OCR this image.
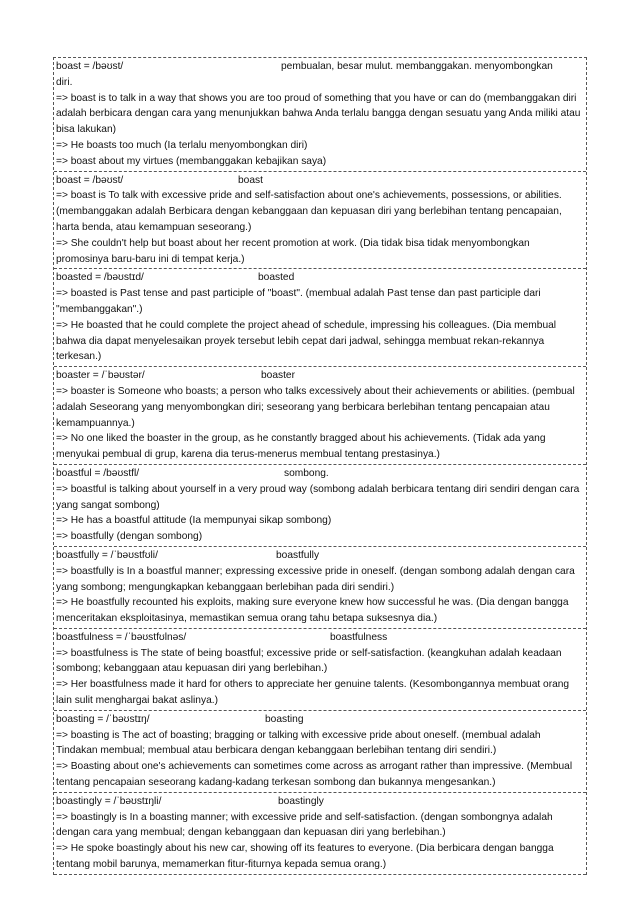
boast = /bəʊst/	pembualan, besar mulut. membanggakan. menyombongkan
diri.
=> boast is to talk in a way that shows you are too proud of something that you have or can do (membanggakan diri adalah berbicara dengan cara yang menunjukkan bahwa Anda terlalu bangga dengan sesuatu yang Anda miliki atau bisa lakukan)
=> He boasts too much (Ia terlalu menyombongkan diri)
=> boast about my virtues (membanggakan kebajikan saya)
boast = /bəʊst/	boast
=> boast is To talk with excessive pride and self-satisfaction about one's achievements, possessions, or abilities. (membanggakan adalah Berbicara dengan kebanggaan dan kepuasan diri yang berlebihan tentang pencapaian, harta benda, atau kemampuan seseorang.)
=> She couldn't help but boast about her recent promotion at work. (Dia tidak bisa tidak menyombongkan promosinya baru-baru ini di tempat kerja.)
boasted = /bəʊstɪd/	boasted
=> boasted is Past tense and past participle of "boast". (membual adalah Past tense dan past participle dari "membanggakan".)
=> He boasted that he could complete the project ahead of schedule, impressing his colleagues. (Dia membual bahwa dia dapat menyelesaikan proyek tersebut lebih cepat dari jadwal, sehingga membuat rekan-rekannya terkesan.)
boaster = /ˈbəʊstər/	boaster
=> boaster is Someone who boasts; a person who talks excessively about their achievements or abilities. (pembual adalah Seseorang yang menyombongkan diri; seseorang yang berbicara berlebihan tentang pencapaian atau kemampuannya.)
=> No one liked the boaster in the group, as he constantly bragged about his achievements. (Tidak ada yang menyukai pembual di grup, karena dia terus-menerus membual tentang prestasinya.)
boastful = /bəʊstfl/	sombong.
=> boastful is talking about yourself in a very proud way (sombong adalah berbicara tentang diri sendiri dengan cara yang sangat sombong)
=> He has a boastful attitude (Ia mempunyai sikap sombong)
=> boastfully (dengan sombong)
boastfully = /ˈbəʊstfʊli/	boastfully
=> boastfully is In a boastful manner; expressing excessive pride in oneself. (dengan sombong adalah dengan cara yang sombong; mengungkapkan kebanggaan berlebihan pada diri sendiri.)
=> He boastfully recounted his exploits, making sure everyone knew how successful he was. (Dia dengan bangga menceritakan eksploitasinya, memastikan semua orang tahu betapa suksesnya dia.)
boastfulness = /ˈbəʊstfʊlnəs/	boastfulness
=> boastfulness is The state of being boastful; excessive pride or self-satisfaction. (keangkuhan adalah keadaan sombong; kebanggaan atau kepuasan diri yang berlebihan.)
=> Her boastfulness made it hard for others to appreciate her genuine talents. (Kesombongannya membuat orang lain sulit menghargai bakat aslinya.)
boasting = /ˈbəʊstɪŋ/	boasting
=> boasting is The act of boasting; bragging or talking with excessive pride about oneself. (membual adalah Tindakan membual; membual atau berbicara dengan kebanggaan berlebihan tentang diri sendiri.)
=> Boasting about one's achievements can sometimes come across as arrogant rather than impressive. (Membual tentang pencapaian seseorang kadang-kadang terkesan sombong dan bukannya mengesankan.)
boastingly = /ˈbəʊstɪŋli/	boastingly
=> boastingly is In a boasting manner; with excessive pride and self-satisfaction. (dengan sombongnya adalah dengan cara yang membual; dengan kebanggaan dan kepuasan diri yang berlebihan.)
=> He spoke boastingly about his new car, showing off its features to everyone. (Dia berbicara dengan bangga tentang mobil barunya, memamerkan fitur-fiturnya kepada semua orang.)
